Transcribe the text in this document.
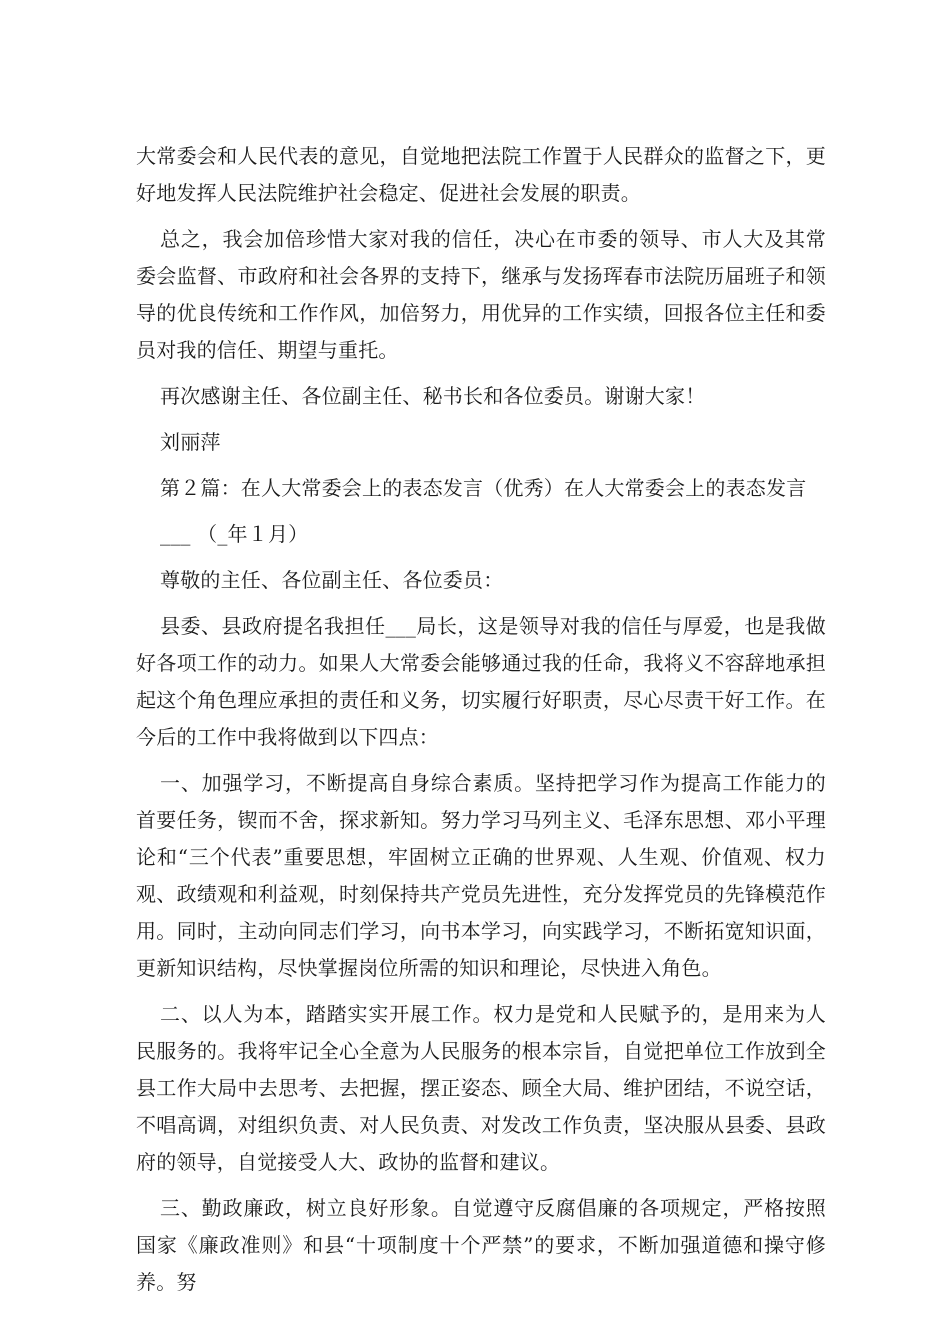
大常委会和人民代表的意见，自觉地把法院工作置于人民群众的监督之下，更好地发挥人民法院维护社会稳定、促进社会发展的职责。

总之，我会加倍珍惜大家对我的信任，决心在市委的领导、市人大及其常委会监督、市政府和社会各界的支持下，继承与发扬珲春市法院历届班子和领导的优良传统和工作作风，加倍努力，用优异的工作实绩，回报各位主任和委员对我的信任、期望与重托。

再次感谢主任、各位副主任、秘书长和各位委员。谢谢大家！

刘丽萍

第２篇：在人大常委会上的表态发言（优秀）在人大常委会上的表态发言

___ （_年１月）

尊敬的主任、各位副主任、各位委员：

县委、县政府提名我担任___局长，这是领导对我的信任与厚爱，也是我做好各项工作的动力。如果人大常委会能够通过我的任命，我将义不容辞地承担起这个角色理应承担的责任和义务，切实履行好职责，尽心尽责干好工作。在今后的工作中我将做到以下四点：

一、加强学习，不断提高自身综合素质。坚持把学习作为提高工作能力的首要任务，锲而不舍，探求新知。努力学习马列主义、毛泽东思想、邓小平理论和“三个代表”重要思想，牢固树立正确的世界观、人生观、价值观、权力观、政绩观和利益观，时刻保持共产党员先进性，充分发挥党员的先锋模范作用。同时，主动向同志们学习，向书本学习，向实践学习，不断拓宽知识面，更新知识结构，尽快掌握岗位所需的知识和理论，尽快进入角色。

二、以人为本，踏踏实实开展工作。权力是党和人民赋予的，是用来为人民服务的。我将牢记全心全意为人民服务的根本宗旨，自觉把单位工作放到全县工作大局中去思考、去把握，摆正姿态、顾全大局、维护团结，不说空话，不唱高调，对组织负责、对人民负责、对发改工作负责，坚决服从县委、县政府的领导，自觉接受人大、政协的监督和建议。

三、勤政廉政，树立良好形象。自觉遵守反腐倡廉的各项规定，严格按照国家《廉政准则》和县“十项制度十个严禁”的要求，不断加强道德和操守修养。努
